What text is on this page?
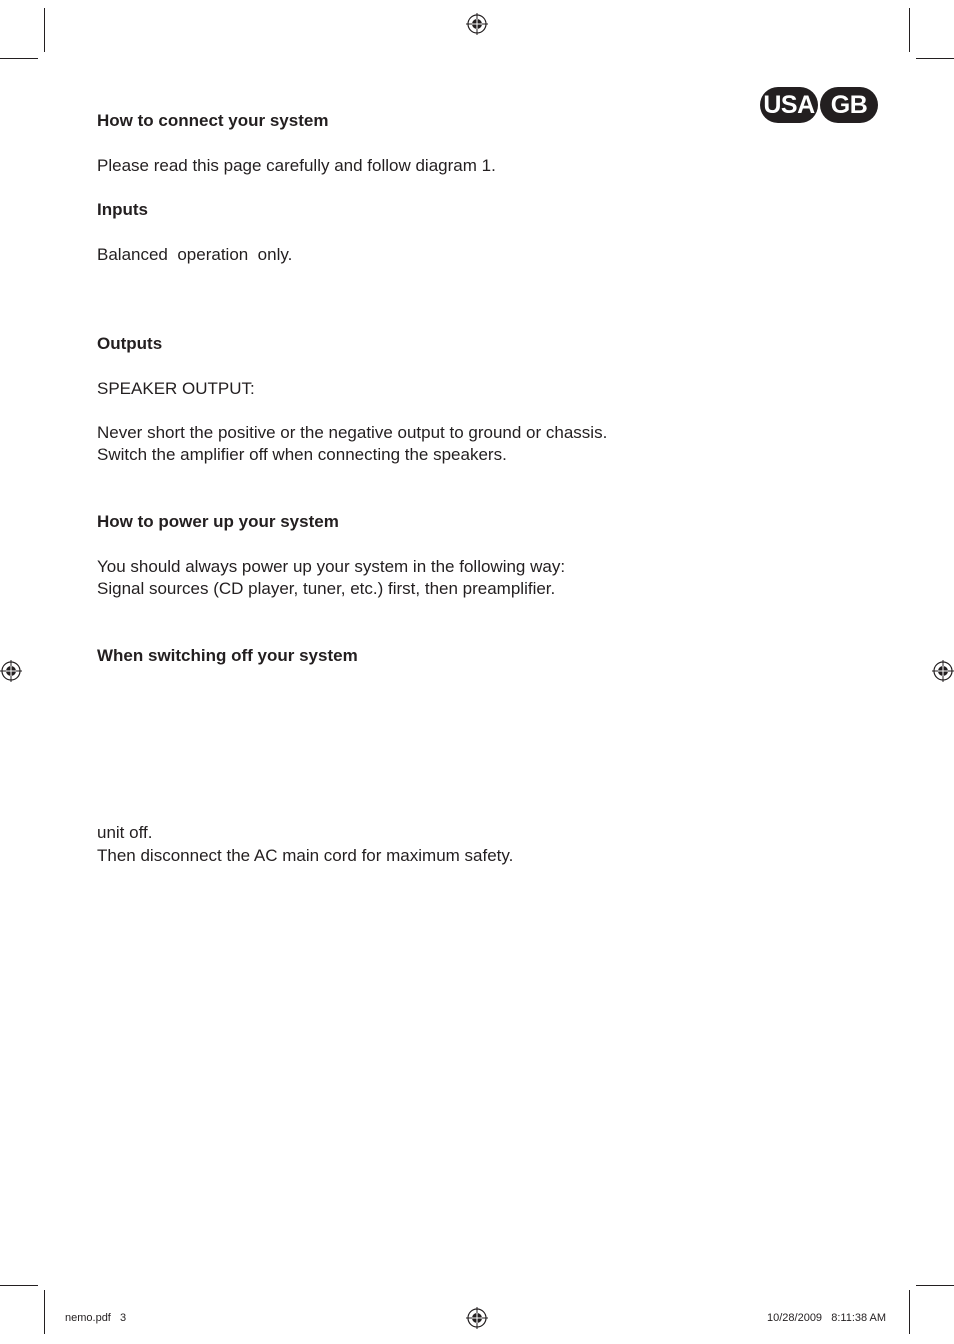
USA GB
How to connect your system
Please read this page carefully and follow diagram 1.
Inputs
Balanced  operation  only.
Outputs
SPEAKER OUTPUT:
Never short the positive or the negative output to ground or chassis.
Switch the amplifier off when connecting the speakers.
How to power up your system
You should always power up your system in the following way:
Signal sources (CD player, tuner, etc.) first, then preamplifier.
When switching off your system
unit off.
Then disconnect the AC main cord for maximum safety.
nemo.pdf   3	10/28/2009   8:11:38 AM
